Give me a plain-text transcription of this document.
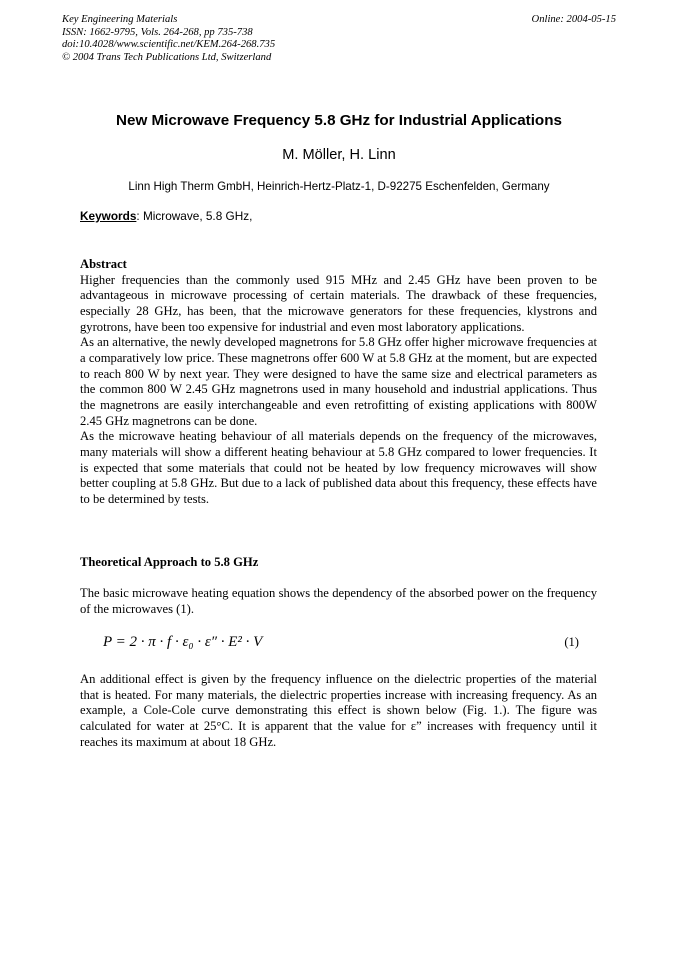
Key Engineering Materials
ISSN: 1662-9795, Vols. 264-268, pp 735-738
doi:10.4028/www.scientific.net/KEM.264-268.735
© 2004 Trans Tech Publications Ltd, Switzerland
Online: 2004-05-15
New Microwave Frequency 5.8 GHz for Industrial Applications
M. Möller, H. Linn
Linn High Therm GmbH, Heinrich-Hertz-Platz-1, D-92275 Eschenfelden, Germany
Keywords: Microwave, 5.8 GHz,
Abstract

Higher frequencies than the commonly used 915 MHz and 2.45 GHz have been proven to be advantageous in microwave processing of certain materials. The drawback of these frequencies, especially 28 GHz, has been, that the microwave generators for these frequencies, klystrons and gyrotrons, have been too expensive for industrial and even most laboratory applications.

As an alternative, the newly developed magnetrons for 5.8 GHz offer higher microwave frequencies at a comparatively low price. These magnetrons offer 600 W at 5.8 GHz at the moment, but are expected to reach 800 W by next year. They were designed to have the same size and electrical parameters as the common 800 W 2.45 GHz magnetrons used in many household and industrial applications. Thus the magnetrons are easily interchangeable and even retrofitting of existing applications with 800W 2.45 GHz magnetrons can be done.

As the microwave heating behaviour of all materials depends on the frequency of the microwaves, many materials will show a different heating behaviour at 5.8 GHz compared to lower frequencies. It is expected that some materials that could not be heated by low frequency microwaves will show better coupling at 5.8 GHz. But due to a lack of published data about this frequency, these effects have to be determined by tests.

Theoretical Approach to 5.8 GHz

The basic microwave heating equation shows the dependency of the absorbed power on the frequency of the microwaves (1).

P = 2 · π · f · ε₀ · ε″ · E² · V	(1)

An additional effect is given by the frequency influence on the dielectric properties of the material that is heated. For many materials, the dielectric properties increase with increasing frequency. As an example, a Cole-Cole curve demonstrating this effect is shown below (Fig. 1.). The figure was calculated for water at 25°C. It is apparent that the value for ε” increases with frequency until it reaches its maximum at about 18 GHz.
